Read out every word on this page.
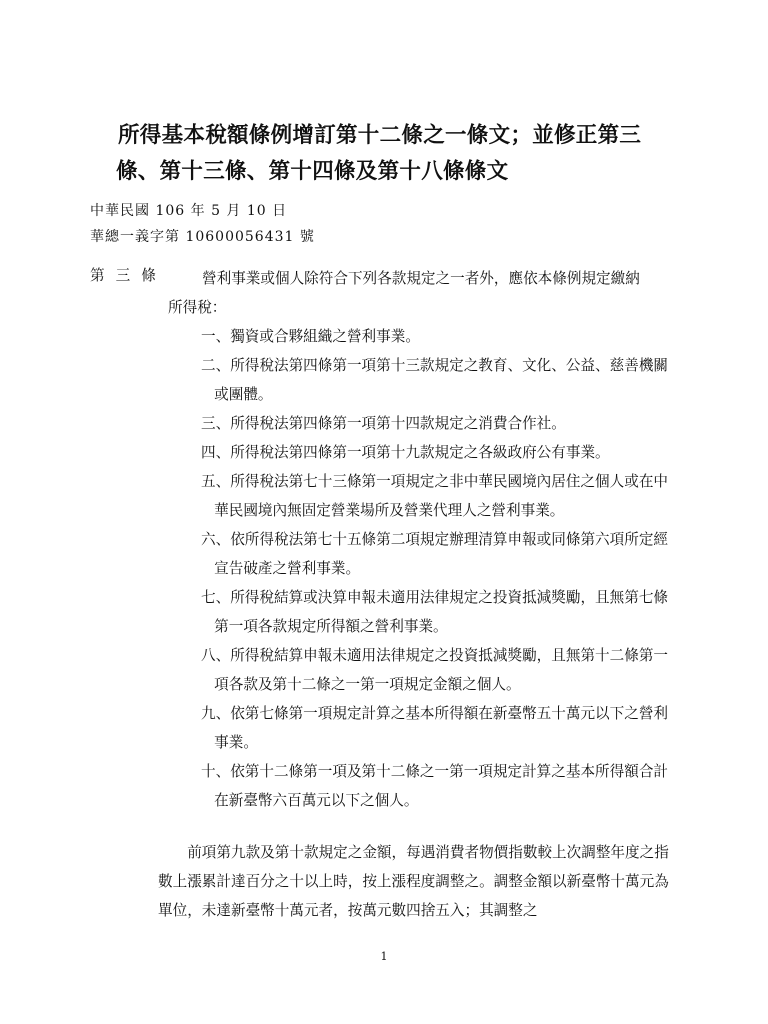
所得基本稅額條例增訂第十二條之一條文；並修正第三
條、第十三條、第十四條及第十八條條文
中華民國 106 年 5 月 10 日
華總一義字第 10600056431 號
第三條 營利事業或個人除符合下列各款規定之一者外，應依本條例規定繳納
所得稅：
一、獨資或合夥組織之營利事業。
二、所得稅法第四條第一項第十三款規定之教育、文化、公益、慈善機關或團體。
三、所得稅法第四條第一項第十四款規定之消費合作社。
四、所得稅法第四條第一項第十九款規定之各級政府公有事業。
五、所得稅法第七十三條第一項規定之非中華民國境內居住之個人或在中華民國境內無固定營業場所及營業代理人之營利事業。
六、依所得稅法第七十五條第二項規定辦理清算申報或同條第六項所定經宣告破產之營利事業。
七、所得稅結算或決算申報未適用法律規定之投資抵減獎勵，且無第七條第一項各款規定所得額之營利事業。
八、所得稅結算申報未適用法律規定之投資抵減獎勵，且無第十二條第一項各款及第十二條之一第一項規定金額之個人。
九、依第七條第一項規定計算之基本所得額在新臺幣五十萬元以下之營利事業。
十、依第十二條第一項及第十二條之一第一項規定計算之基本所得額合計在新臺幣六百萬元以下之個人。
前項第九款及第十款規定之金額，每遇消費者物價指數較上次調整年度之指數上漲累計達百分之十以上時，按上漲程度調整之。調整金額以新臺幣十萬元為單位，未達新臺幣十萬元者，按萬元數四捨五入；其調整之
1
